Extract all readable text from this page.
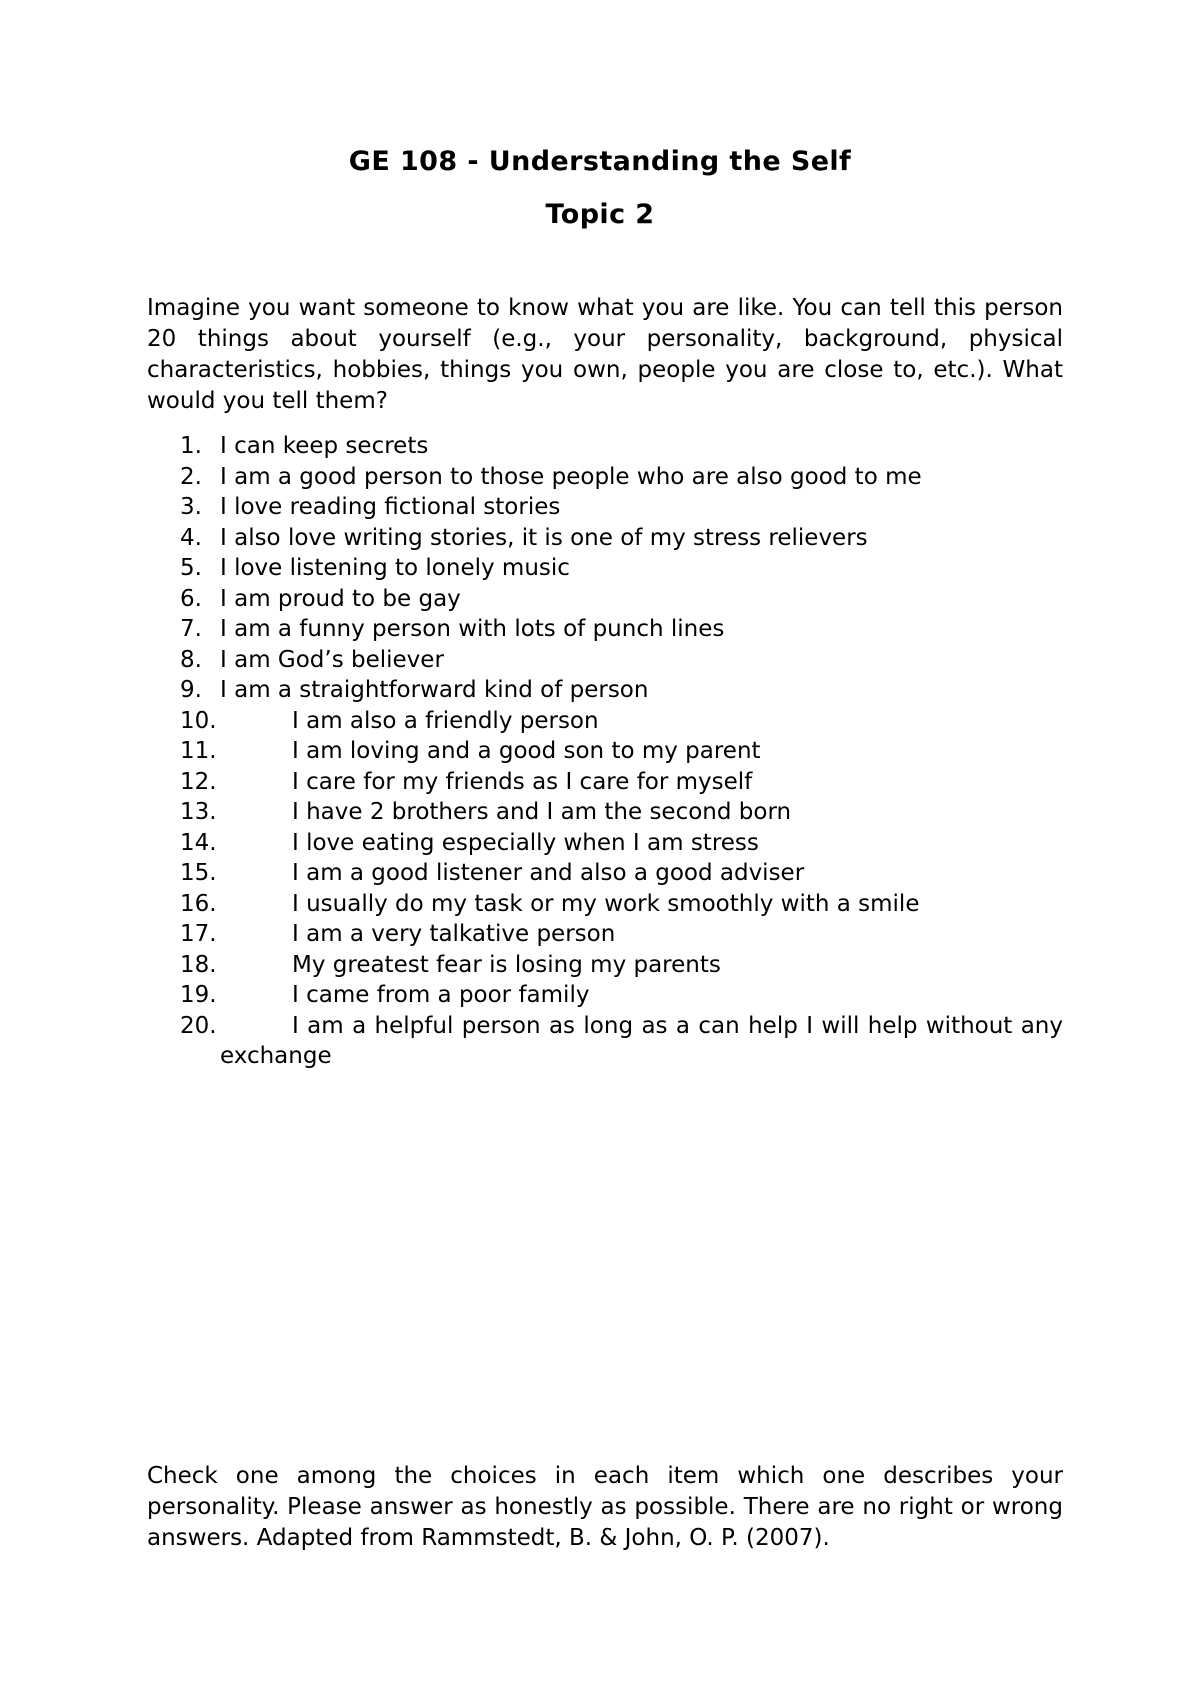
GE 108 - Understanding the Self
Topic 2

Imagine you want someone to know what you are like. You can tell this person 20 things about yourself (e.g., your personality, background, physical characteristics, hobbies, things you own, people you are close to, etc.). What would you tell them?

1. I can keep secrets
2. I am a good person to those people who are also good to me
3. I love reading fictional stories
4. I also love writing stories, it is one of my stress relievers
5. I love listening to lonely music
6. I am proud to be gay
7. I am a funny person with lots of punch lines
8. I am God’s believer
9. I am a straightforward kind of person
10.	I am also a friendly person
11.	I am loving and a good son to my parent
12.	I care for my friends as I care for myself
13.	I have 2 brothers and I am the second born
14.	I love eating especially when I am stress
15.	I am a good listener and also a good adviser
16.	I usually do my task or my work smoothly with a smile
17.	I am a very talkative person
18.	My greatest fear is losing my parents
19.	I came from a poor family
20.	I am a helpful person as long as a can help I will help without any exchange

Check one among the choices in each item which one describes your personality. Please answer as honestly as possible. There are no right or wrong answers. Adapted from Rammstedt, B. & John, O. P. (2007).
